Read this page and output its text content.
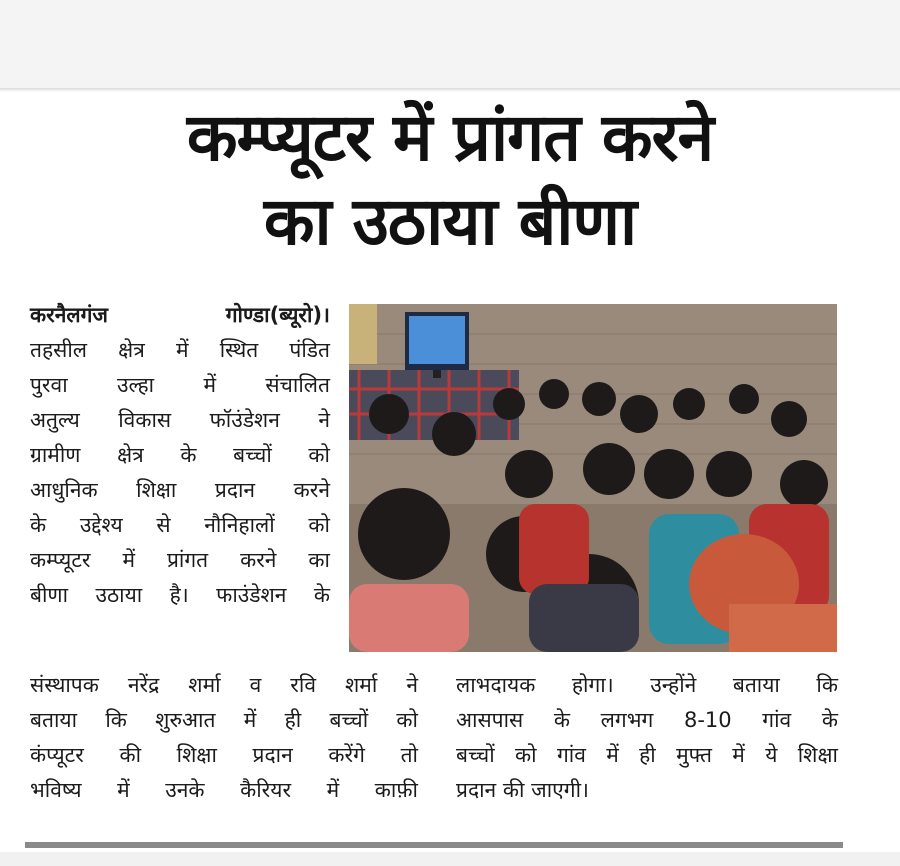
कम्प्यूटर में प्रांगत करने
का उठाया बीणा
करनैलगंज	गोण्डा(ब्यूरो)।
तहसील क्षेत्र में स्थित पंडित
पुरवा उल्हा में संचालित
अतुल्य विकास फॉउंडेशन ने
ग्रामीण क्षेत्र के बच्चों को
आधुनिक शिक्षा प्रदान करने
के उद्देश्य से नौनिहालों को
कम्प्यूटर में प्रांगत करने का
बीणा उठाया है। फाउंडेशन के
संस्थापक नरेंद्र शर्मा व रवि शर्मा ने
बताया कि शुरुआत में ही बच्चों को
कंप्यूटर की शिक्षा प्रदान करेंगे तो
भविष्य में उनके कैरियर में काफ़ी
लाभदायक होगा। उन्होंने बताया कि
आसपास के लगभग 8-10 गांव के
बच्चों को गांव में ही मुफ्त में ये शिक्षा
प्रदान की जाएगी।
